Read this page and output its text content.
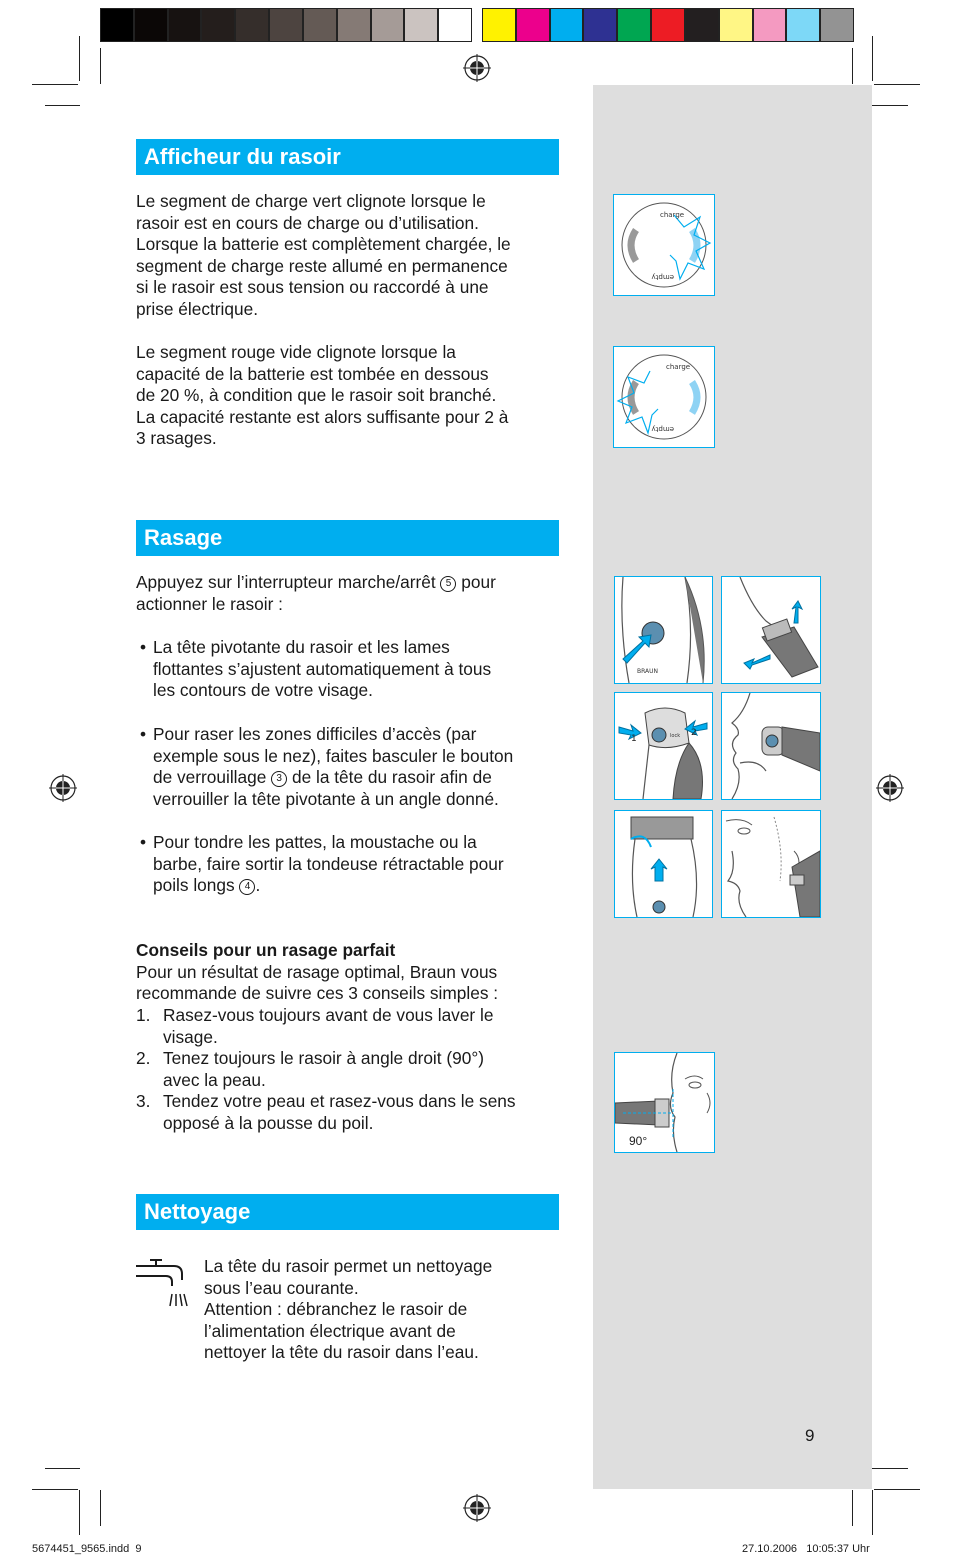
Afficheur du rasoir

Le segment de charge vert clignote lorsque le

rasoir est en cours de charge ou d’utilisation.

Lorsque la batterie est complètement chargée, le

segment de charge reste allumé en permanence

si le rasoir est sous tension ou raccordé à une

prise électrique.

Le segment rouge vide clignote lorsque la

capacité de la batterie est tombée en dessous

de 20 %, à condition que le rasoir soit branché.

La capacité restante est alors suffisante pour 2 à

3 rasages.

Rasage

Appuyez sur l’interrupteur marche/arrêt 5 pour

actionner le rasoir :

• La tête pivotante du rasoir et les lames
flottantes s’ajustent automatiquement à tous
les contours de votre visage.
• Pour raser les zones difficiles d’accès (par
exemple sous le nez), faites basculer le bouton
de verrouillage 3 de la tête du rasoir afin de
verrouiller la tête pivotante à un angle donné.
• Pour tondre les pattes, la moustache ou la
barbe, faire sortir la tondeuse rétractable pour
poils longs 4 .

Conseils pour un rasage parfait

Pour un résultat de rasage optimal, Braun vous

recommande de suivre ces 3 conseils simples :

1. Rasez-vous toujours avant de vous laver le
visage.
2. Tenez toujours le rasoir à angle droit (90°)
avec la peau.
3. Tendez votre peau et rasez-vous dans le sens
opposé à la pousse du poil.
Nettoyage

La tête du rasoir permet un nettoyage

sous l’eau courante.

Attention : débranchez le rasoir de

l’alimentation électrique avant de

nettoyer la tête du rasoir dans l’eau.

charge
empty
charge
empty
BRAUN
1
2
lock
90°
9
5674451_9565.indd 9	27.10.2006 10:05:37 Uhr
